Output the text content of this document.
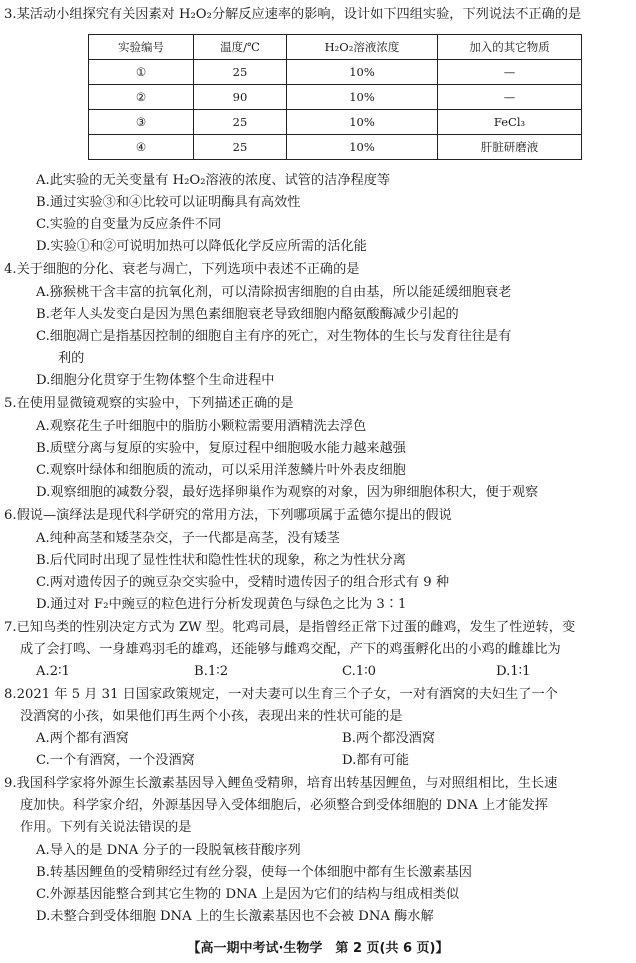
3.某活动小组探究有关因素对 H₂O₂分解反应速率的影响，设计如下四组实验，下列说法不正确的是
实验编号	温度/℃	H₂O₂溶液浓度	加入的其它物质
①	25	10%	—
②	90	10%	—
③	25	10%	FeCl₃
④	25	10%	肝脏研磨液
A.此实验的无关变量有 H₂O₂溶液的浓度、试管的洁净程度等
B.通过实验③和④比较可以证明酶具有高效性
C.实验的自变量为反应条件不同
D.实验①和②可说明加热可以降低化学反应所需的活化能
4.关于细胞的分化、衰老与凋亡，下列选项中表述不正确的是
A.猕猴桃干含丰富的抗氧化剂，可以清除损害细胞的自由基，所以能延缓细胞衰老
B.老年人头发变白是因为黑色素细胞衰老导致细胞内酪氨酸酶减少引起的
C.细胞凋亡是指基因控制的细胞自主有序的死亡，对生物体的生长与发育往往是有
利的
D.细胞分化贯穿于生物体整个生命进程中
5.在使用显微镜观察的实验中，下列描述正确的是
A.观察花生子叶细胞中的脂肪小颗粒需要用酒精洗去浮色
B.质壁分离与复原的实验中，复原过程中细胞吸水能力越来越强
C.观察叶绿体和细胞质的流动，可以采用洋葱鳞片叶外表皮细胞
D.观察细胞的减数分裂，最好选择卵巢作为观察的对象，因为卵细胞体积大，便于观察
6.假说—演绎法是现代科学研究的常用方法，下列哪项属于孟德尔提出的假说
A.纯种高茎和矮茎杂交，子一代都是高茎，没有矮茎
B.后代同时出现了显性性状和隐性性状的现象，称之为性状分离
C.两对遗传因子的豌豆杂交实验中，受精时遗传因子的组合形式有 9 种
D.通过对 F₂中豌豆的粒色进行分析发现黄色与绿色之比为 3∶1
7.已知鸟类的性别决定方式为 ZW 型。牝鸡司晨，是指曾经正常下过蛋的雌鸡，发生了性逆转，变
成了会打鸣、一身雄鸡羽毛的雄鸡，还能够与雌鸡交配，产下的鸡蛋孵化出的小鸡的雌雄比为
A.2∶1	B.1∶2	C.1∶0	D.1∶1
8.2021 年 5 月 31 日国家政策规定，一对夫妻可以生育三个子女，一对有酒窝的夫妇生了一个
没酒窝的小孩，如果他们再生两个小孩，表现出来的性状可能的是
A.两个都有酒窝	B.两个都没酒窝
C.一个有酒窝，一个没酒窝	D.都有可能
9.我国科学家将外源生长激素基因导入鲤鱼受精卵，培育出转基因鲤鱼，与对照组相比，生长速
度加快。科学家介绍，外源基因导入受体细胞后，必须整合到受体细胞的 DNA 上才能发挥
作用。下列有关说法错误的是
A.导入的是 DNA 分子的一段脱氧核苷酸序列
B.转基因鲤鱼的受精卵经过有丝分裂，使每一个体细胞中都有生长激素基因
C.外源基因能整合到其它生物的 DNA 上是因为它们的结构与组成相类似
D.未整合到受体细胞 DNA 上的生长激素基因也不会被 DNA 酶水解
【高一期中考试·生物学　第 2 页(共 6 页)】
